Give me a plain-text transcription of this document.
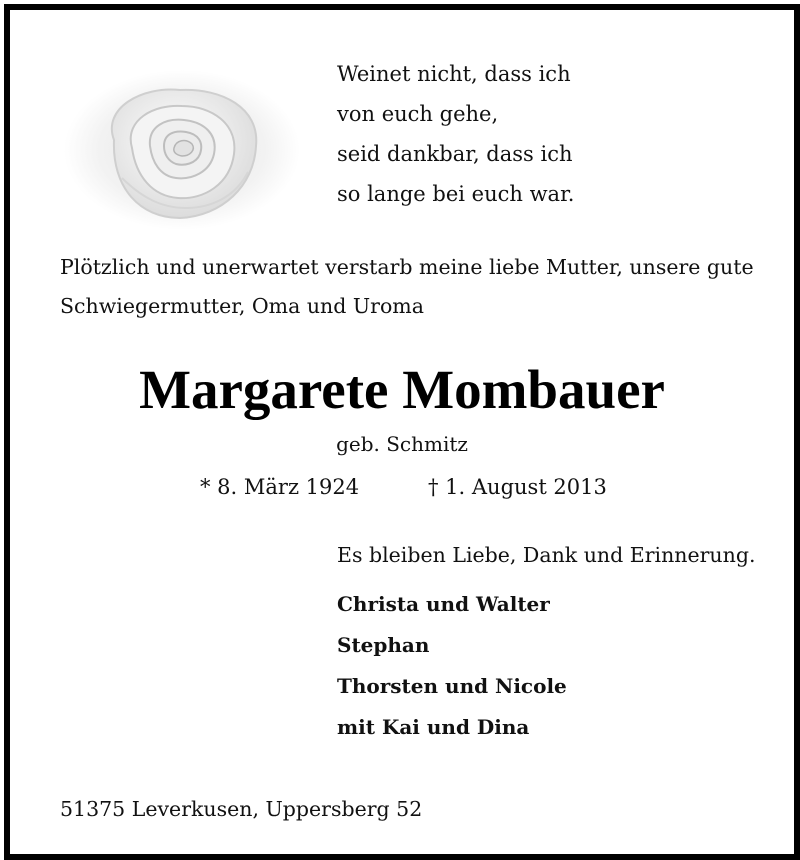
Weinet nicht, dass ich
von euch gehe,
seid dankbar, dass ich
so lange bei euch war.
Plötzlich und unerwartet verstarb meine liebe Mutter, unsere gute
Schwiegermutter, Oma und Uroma
Margarete Mombauer
geb. Schmitz
* 8. März 1924	† 1. August 2013
Es bleiben Liebe, Dank und Erinnerung.
Christa und Walter
Stephan
Thorsten und Nicole
mit Kai und Dina
51375 Leverkusen, Uppersberg 52
